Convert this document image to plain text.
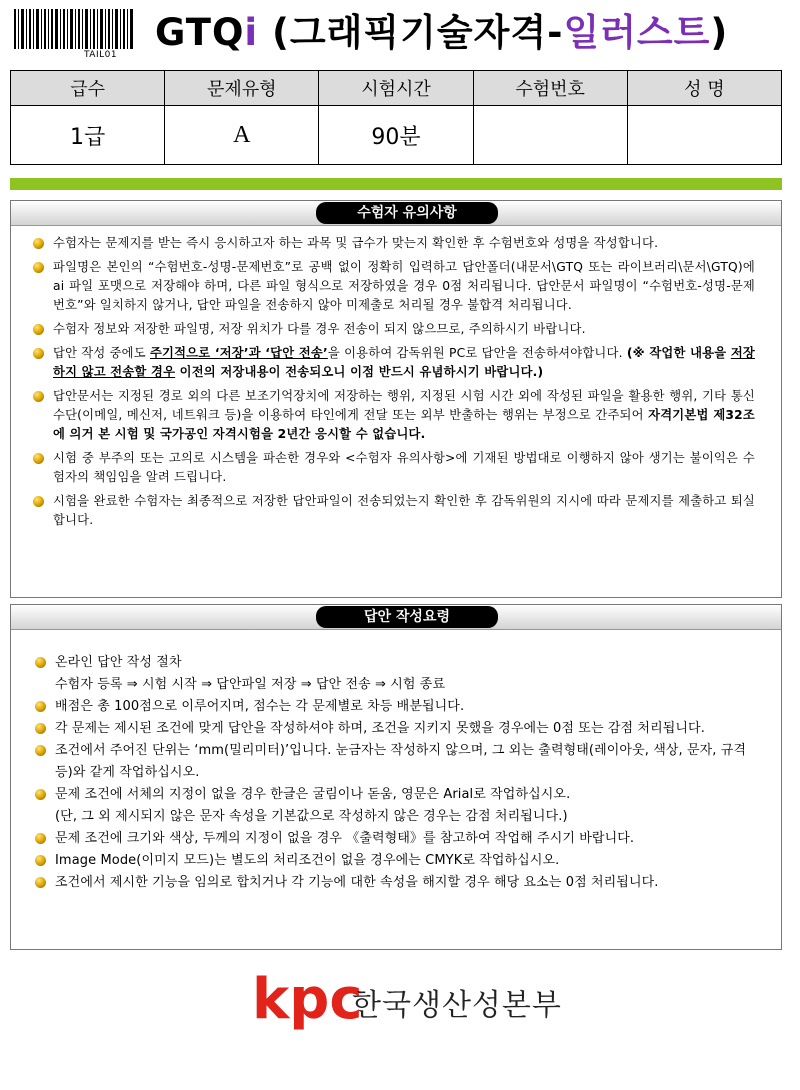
TAIL01
GTQi (그래픽기술자격-일러스트)
급수	문제유형	시험시간	수험번호	성 명
1급	A	90분		
수험자 유의사항
수험자는 문제지를 받는 즉시 응시하고자 하는 과목 및 급수가 맞는지 확인한 후 수험번호와 성명을 작성합니다.
파일명은 본인의 “수험번호-성명-문제번호”로 공백 없이 정확히 입력하고 답안폴더(내문서\GTQ 또는 라이브러리\문서\GTQ)에 ai 파일 포맷으로 저장해야 하며, 다른 파일 형식으로 저장하였을 경우 0점 처리됩니다. 답안문서 파일명이 “수험번호-성명-문제번호”와 일치하지 않거나, 답안 파일을 전송하지 않아 미제출로 처리될 경우 불합격 처리됩니다.
수험자 정보와 저장한 파일명, 저장 위치가 다를 경우 전송이 되지 않으므로, 주의하시기 바랍니다.
답안 작성 중에도 주기적으로 ‘저장’과 ‘답안 전송’을 이용하여 감독위원 PC로 답안을 전송하셔야합니다. (※ 작업한 내용을 저장하지 않고 전송할 경우 이전의 저장내용이 전송되오니 이점 반드시 유념하시기 바랍니다.)
답안문서는 지정된 경로 외의 다른 보조기억장치에 저장하는 행위, 지정된 시험 시간 외에 작성된 파일을 활용한 행위, 기타 통신수단(이메일, 메신저, 네트워크 등)을 이용하여 타인에게 전달 또는 외부 반출하는 행위는 부정으로 간주되어 자격기본법 제32조에 의거 본 시험 및 국가공인 자격시험을 2년간 응시할 수 없습니다.
시험 중 부주의 또는 고의로 시스템을 파손한 경우와 <수험자 유의사항>에 기재된 방법대로 이행하지 않아 생기는 불이익은 수험자의 책임임을 알려 드립니다.
시험을 완료한 수험자는 최종적으로 저장한 답안파일이 전송되었는지 확인한 후 감독위원의 지시에 따라 문제지를 제출하고 퇴실합니다.
답안 작성요령
온라인 답안 작성 절차
수험자 등록 ⇒ 시험 시작 ⇒ 답안파일 저장 ⇒ 답안 전송 ⇒ 시험 종료
배점은 총 100점으로 이루어지며, 점수는 각 문제별로 차등 배분됩니다.
각 문제는 제시된 조건에 맞게 답안을 작성하셔야 하며, 조건을 지키지 못했을 경우에는 0점 또는 감점 처리됩니다.
조건에서 주어진 단위는 ‘mm(밀리미터)’입니다. 눈금자는 작성하지 않으며, 그 외는 출력형태(레이아웃, 색상, 문자, 규격 등)와 같게 작업하십시오.
문제 조건에 서체의 지정이 없을 경우 한글은 굴림이나 돋움, 영문은 Arial로 작업하십시오.
(단, 그 외 제시되지 않은 문자 속성을 기본값으로 작성하지 않은 경우는 감점 처리됩니다.)
문제 조건에 크기와 색상, 두께의 지정이 없을 경우 《출력형태》를 참고하여 작업해 주시기 바랍니다.
Image Mode(이미지 모드)는 별도의 처리조건이 없을 경우에는 CMYK로 작업하십시오.
조건에서 제시한 기능을 임의로 합치거나 각 기능에 대한 속성을 해지할 경우 해당 요소는 0점 처리됩니다.
kpc
한국생산성본부
